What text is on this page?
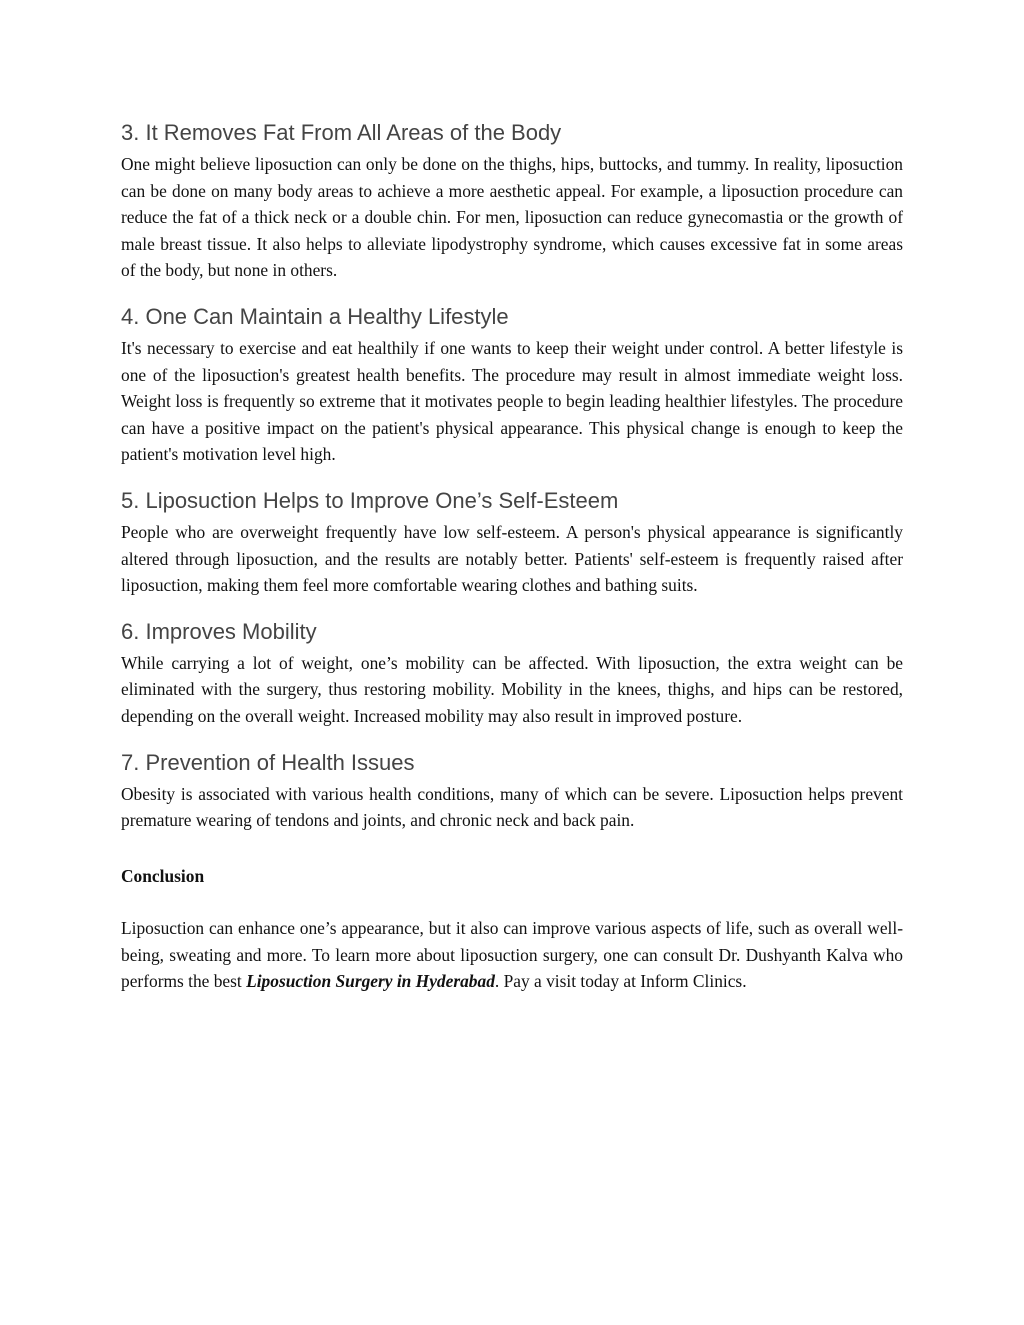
3. It Removes Fat From All Areas of the Body

One might believe liposuction can only be done on the thighs, hips, buttocks, and tummy. In reality, liposuction can be done on many body areas to achieve a more aesthetic appeal. For example, a liposuction procedure can reduce the fat of a thick neck or a double chin. For men, liposuction can reduce gynecomastia or the growth of male breast tissue. It also helps to alleviate lipodystrophy syndrome, which causes excessive fat in some areas of the body, but none in others.

4. One Can Maintain a Healthy Lifestyle

It's necessary to exercise and eat healthily if one wants to keep their weight under control. A better lifestyle is one of the liposuction's greatest health benefits. The procedure may result in almost immediate weight loss. Weight loss is frequently so extreme that it motivates people to begin leading healthier lifestyles. The procedure can have a positive impact on the patient's physical appearance. This physical change is enough to keep the patient's motivation level high.

5. Liposuction Helps to Improve One’s Self-Esteem

People who are overweight frequently have low self-esteem. A person's physical appearance is significantly altered through liposuction, and the results are notably better. Patients' self-esteem is frequently raised after liposuction, making them feel more comfortable wearing clothes and bathing suits.

6. Improves Mobility

While carrying a lot of weight, one’s mobility can be affected. With liposuction, the extra weight can be eliminated with the surgery, thus restoring mobility. Mobility in the knees, thighs, and hips can be restored, depending on the overall weight. Increased mobility may also result in improved posture.

7. Prevention of Health Issues

Obesity is associated with various health conditions, many of which can be severe. Liposuction helps prevent premature wearing of tendons and joints, and chronic neck and back pain.

Conclusion

Liposuction can enhance one’s appearance, but it also can improve various aspects of life, such as overall well-being, sweating and more. To learn more about liposuction surgery, one can consult Dr. Dushyanth Kalva who performs the best Liposuction Surgery in Hyderabad. Pay a visit today at Inform Clinics.
